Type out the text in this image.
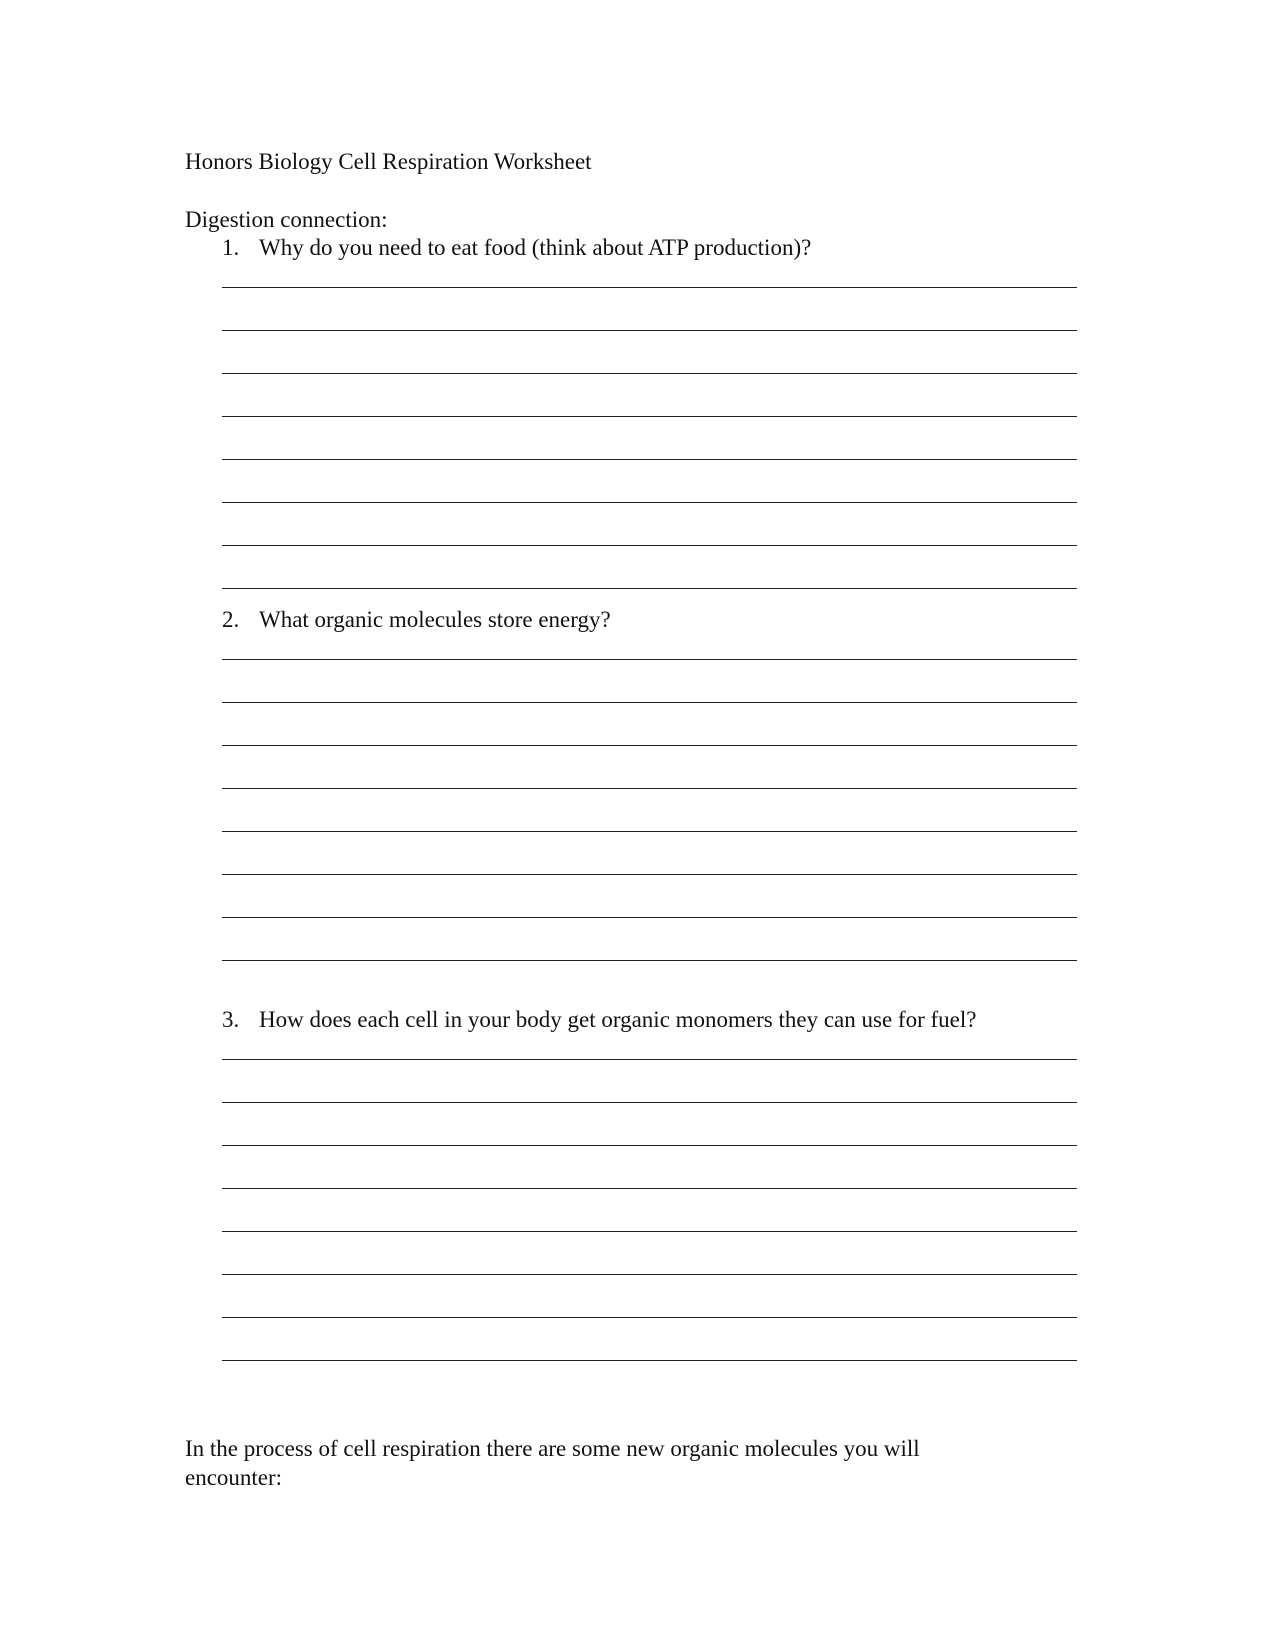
Honors Biology Cell Respiration Worksheet
Digestion connection:
1. Why do you need to eat food (think about ATP production)?
2. What organic molecules store energy?
3. How does each cell in your body get organic monomers they can use for fuel?
In the process of cell respiration there are some new organic molecules you will
encounter:
